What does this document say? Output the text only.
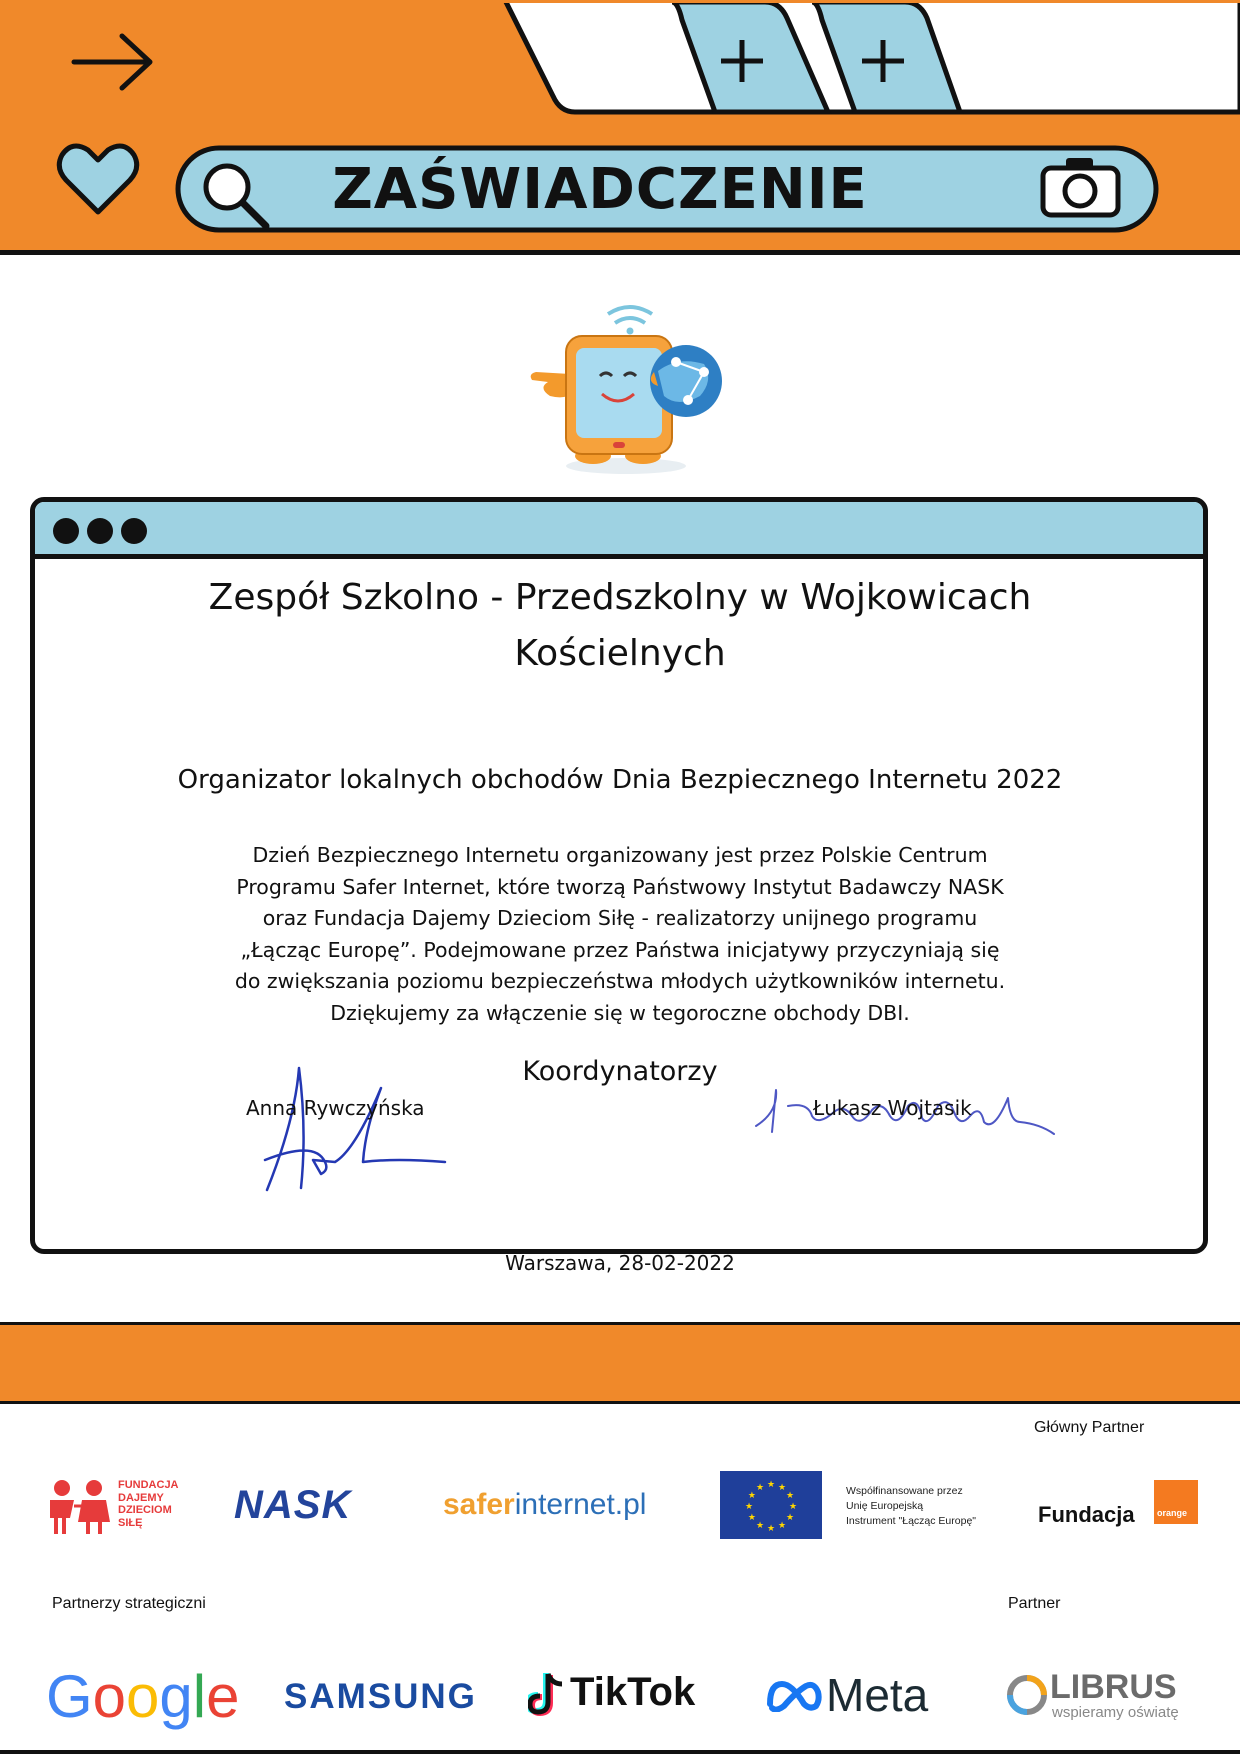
ZAŚWIADCZENIE
Zespół Szkolno - Przedszkolny w Wojkowicach
Kościelnych
Organizator lokalnych obchodów Dnia Bezpiecznego Internetu 2022
Dzień Bezpiecznego Internetu organizowany jest przez Polskie Centrum
Programu Safer Internet, które tworzą Państwowy Instytut Badawczy NASK
oraz Fundacja Dajemy Dzieciom Siłę - realizatorzy unijnego programu
„Łącząc Europę”. Podejmowane przez Państwa inicjatywy przyczyniają się
do zwiększania poziomu bezpieczeństwa młodych użytkowników internetu.
Dziękujemy za włączenie się w tegoroczne obchody DBI.
Koordynatorzy
Anna Rywczyńska	Łukasz Wojtasik
Warszawa, 28-02-2022
Główny Partner
Partnerzy strategiczni	Partner
FUNDACJA
DAJEMY
DZIECIOM
SIŁĘ	NASK	saferinternet.pl	★
★
★
★
★
★
★
★
★ ★ ★
★	Współfinansowane przez
Unię Europejską
Instrument "Łącząc Europę"	Fundacja orange
Google SAMSUNG TikTok	Meta	LIBRUS
wspieramy oświatę
